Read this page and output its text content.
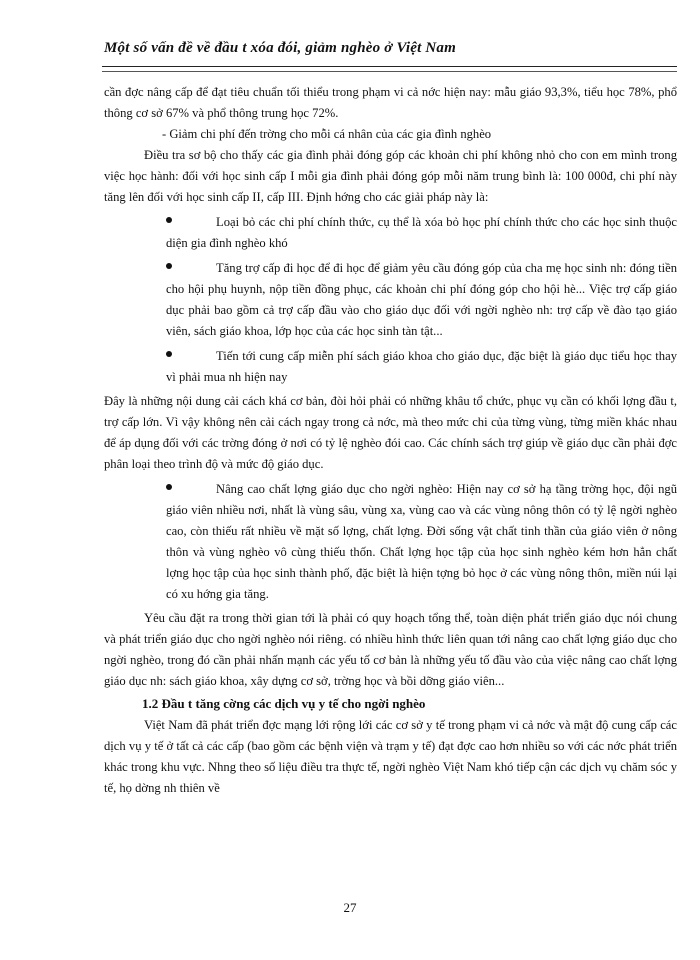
Một số vấn đề về đầu t xóa đói, giảm nghèo ở Việt Nam

cần đợc nâng cấp để đạt tiêu chuẩn tối thiểu trong phạm vi cả nớc hiện nay: mẫu giáo 93,3%, tiểu học 78%, phổ thông cơ sở 67% và phổ thông trung học 72%.

- Giảm chi phí đến trờng cho mỗi cá nhân của các gia đình nghèo

Điều tra sơ bộ cho thấy các gia đình phải đóng góp các khoản chi phí không nhỏ cho con em mình trong việc học hành: đối với học sinh cấp I mỗi gia đình phải đóng góp mỗi năm trung bình là: 100 000đ, chi phí này tăng lên đối với học sinh cấp II, cấp III. Định hớng cho các giải pháp này là:

Loại bỏ các chi phí chính thức, cụ thể là xóa bỏ học phí chính thức cho các học sinh thuộc diện gia đình nghèo khó
Tăng trợ cấp đi học để đi học để giảm yêu cầu đóng góp của cha mẹ học sinh nh: đóng tiền cho hội phụ huynh, nộp tiền đồng phục, các khoản chi phí đóng góp cho hội hè... Việc trợ cấp giáo dục phải bao gồm cả trợ cấp đầu vào cho giáo dục đối với ngời nghèo nh: trợ cấp về đào tạo giáo viên, sách giáo khoa, lớp học của các học sinh tàn tật...
Tiến tới cung cấp miễn phí sách giáo khoa cho giáo dục, đặc biệt là giáo dục tiểu học thay vì phải mua nh hiện nay

Đây là những nội dung cải cách khá cơ bản, đòi hỏi phải có những khâu tổ chức, phục vụ cần có khối lợng đầu t, trợ cấp lớn. Vì vậy không nên cải cách ngay trong cả nớc, mà theo mức chi của từng vùng, từng miền khác nhau để áp dụng đối với các trờng đóng ở nơi có tỷ lệ nghèo đói cao. Các chính sách trợ giúp về giáo dục cần phải đợc phân loại theo trình độ và mức độ giáo dục.

Nâng cao chất lợng giáo dục cho ngời nghèo: Hiện nay cơ sở hạ tầng trờng học, đội ngũ giáo viên nhiều nơi, nhất là vùng sâu, vùng xa, vùng cao và các vùng nông thôn có tỷ lệ ngời nghèo cao, còn thiếu rất nhiều về mặt số lợng, chất lợng. Đời sống vật chất tinh thần của giáo viên ở nông thôn và vùng nghèo vô cùng thiếu thốn. Chất lợng học tập của học sinh nghèo kém hơn hẳn chất lợng học tập của học sinh thành phố, đặc biệt là hiện tợng bỏ học ở các vùng nông thôn, miền núi lại có xu hớng gia tăng.

Yêu cầu đặt ra trong thời gian tới là phải có quy hoạch tổng thể, toàn diện phát triển giáo dục nói chung và phát triển giáo dục cho ngời nghèo nói riêng. có nhiều hình thức liên quan tới nâng cao chất lợng giáo dục cho ngời nghèo, trong đó cần phải nhấn mạnh các yếu tố cơ bản là những yếu tố đầu vào của việc nâng cao chất lợng giáo dục nh: sách giáo khoa, xây dựng cơ sở, trờng học và bồi dỡng giáo viên...

1.2 Đầu t tăng cờng các dịch vụ y tế cho ngời nghèo

Việt Nam đã phát triển đợc mạng lới rộng lới các cơ sở y tế trong phạm vi cả nớc và mật độ cung cấp các dịch vụ y tế ở tất cả các cấp (bao gồm các bệnh viện và trạm y tế) đạt đợc cao hơn nhiều so với các nớc phát triển khác trong khu vực. Nhng theo số liệu điều tra thực tế, ngời nghèo Việt Nam khó tiếp cận các dịch vụ chăm sóc y tế, họ dờng nh thiên về

27
